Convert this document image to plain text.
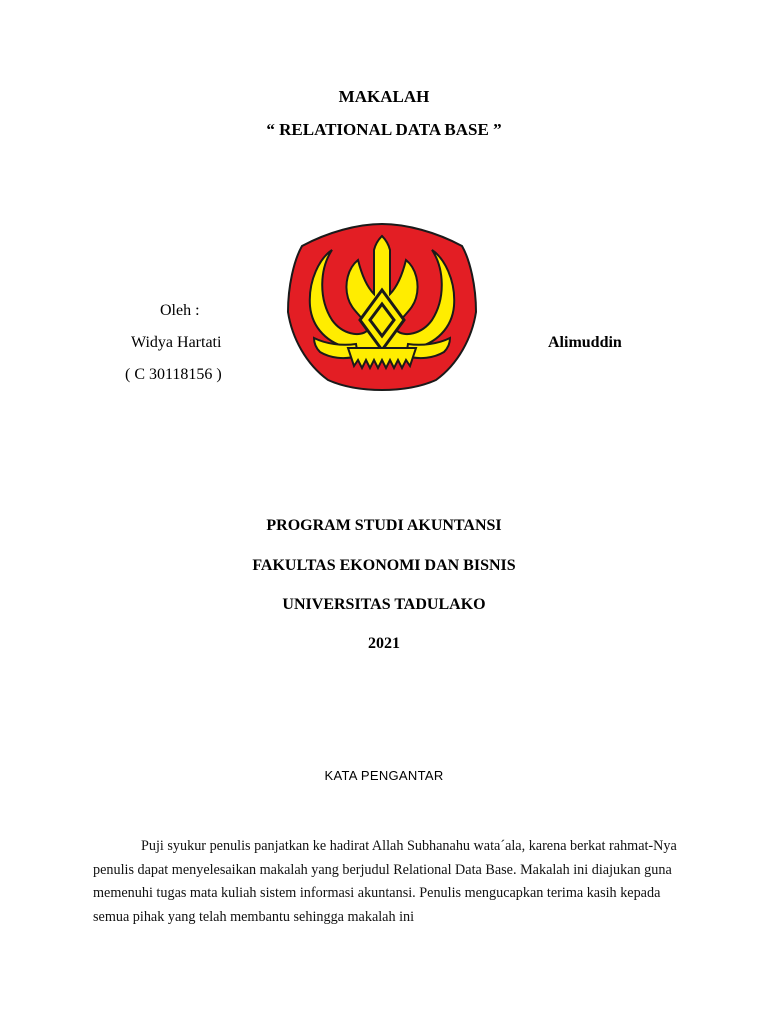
MAKALAH
“ RELATIONAL DATA BASE ”
Oleh :
Widya Hartati
( C 30118156 )
Alimuddin
PROGRAM STUDI AKUNTANSI
FAKULTAS EKONOMI DAN BISNIS
UNIVERSITAS TADULAKO
2021
KATA PENGANTAR
Puji syukur penulis panjatkan ke hadirat Allah Subhanahu wata´ala, karena berkat rahmat-Nya penulis dapat menyelesaikan makalah yang berjudul Relational Data Base. Makalah ini diajukan guna memenuhi tugas mata kuliah sistem informasi akuntansi. Penulis mengucapkan terima kasih kepada semua pihak yang telah membantu sehingga makalah ini
